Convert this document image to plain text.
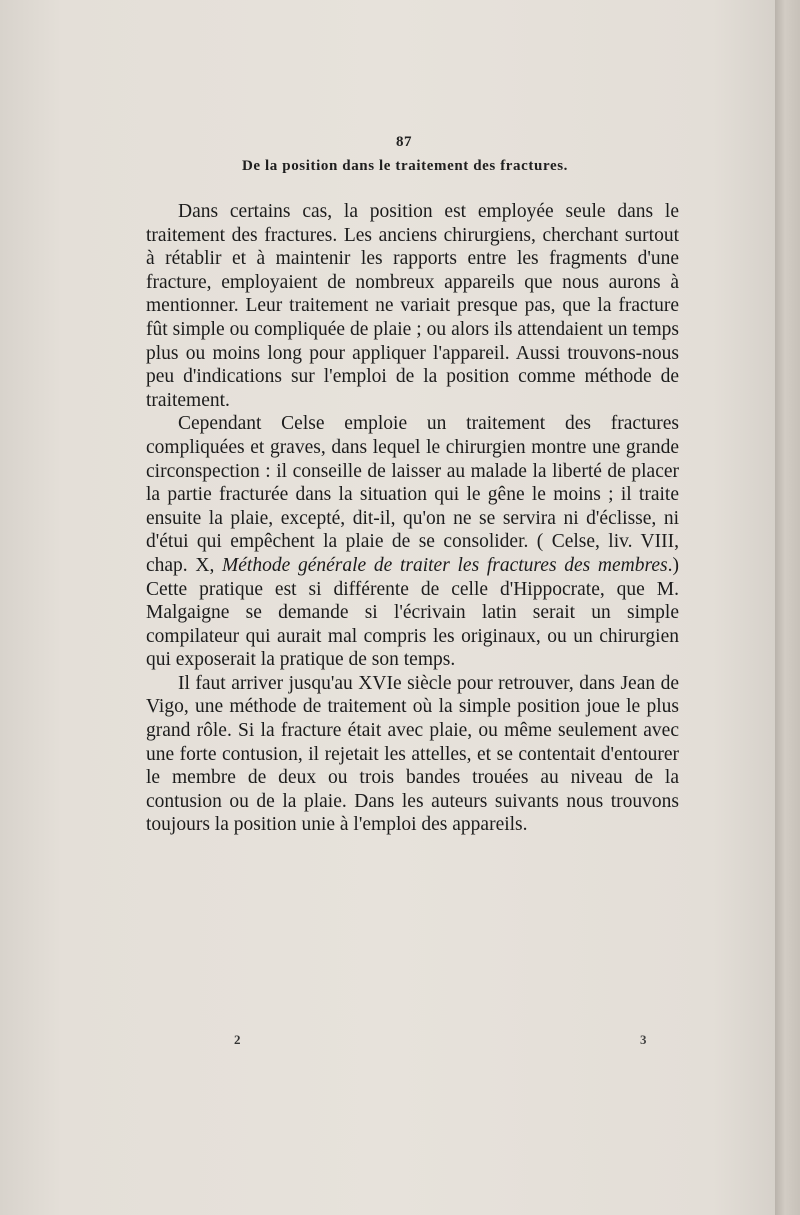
87
De la position dans le traitement des fractures.

Dans certains cas, la position est employée seule dans le traitement des fractures. Les anciens chirurgiens, cherchant surtout à rétablir et à maintenir les rapports entre les fragments d'une fracture, employaient de nombreux appareils que nous aurons à mentionner. Leur traitement ne variait presque pas, que la fracture fût simple ou compliquée de plaie ; ou alors ils attendaient un temps plus ou moins long pour appliquer l'appareil. Aussi trouvons-nous peu d'indications sur l'emploi de la position comme méthode de traitement.

Cependant Celse emploie un traitement des fractures compliquées et graves, dans lequel le chirurgien montre une grande circonspection : il conseille de laisser au malade la liberté de placer la partie fracturée dans la situation qui le gêne le moins ; il traite ensuite la plaie, excepté, dit-il, qu'on ne se servira ni d'éclisse, ni d'étui qui empêchent la plaie de se consolider. ( Celse, liv. VIII, chap. X, Méthode générale de traiter les fractures des membres.) Cette pratique est si différente de celle d'Hippocrate, que M. Malgaigne se demande si l'écrivain latin serait un simple compilateur qui aurait mal compris les originaux, ou un chirurgien qui exposerait la pratique de son temps.

Il faut arriver jusqu'au XVIe siècle pour retrouver, dans Jean de Vigo, une méthode de traitement où la simple position joue le plus grand rôle. Si la fracture était avec plaie, ou même seulement avec une forte contusion, il rejetait les attelles, et se contentait d'entourer le membre de deux ou trois bandes trouées au niveau de la contusion ou de la plaie. Dans les auteurs suivants nous trouvons toujours la position unie à l'emploi des appareils.

2	3
